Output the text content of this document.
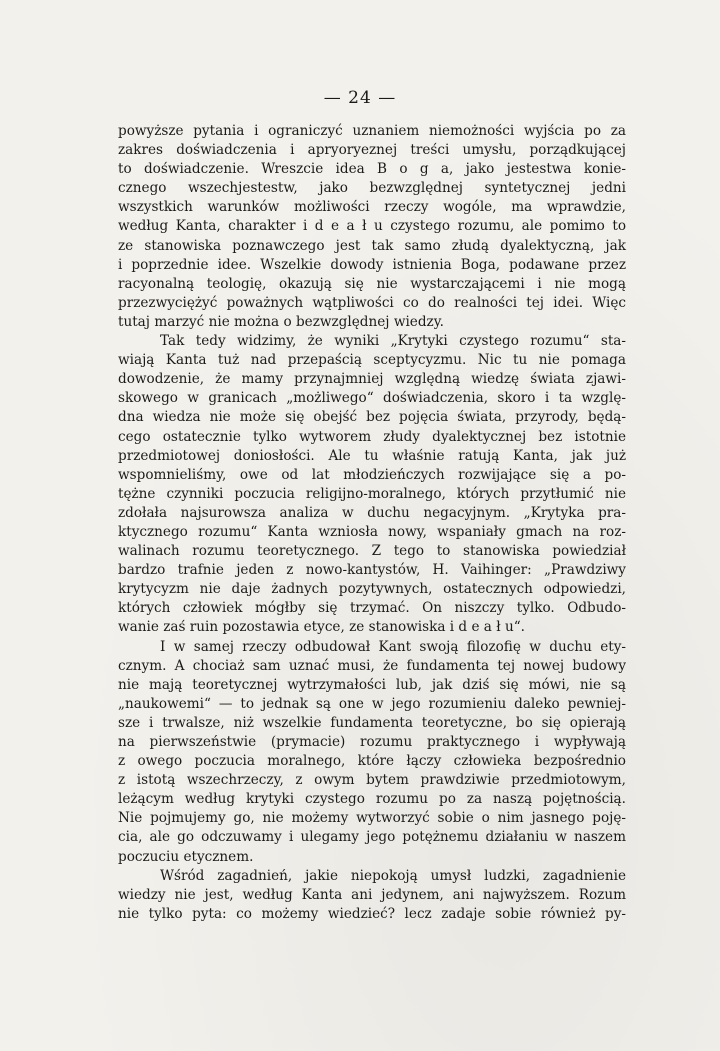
— 24 —
powyższe pytania i ograniczyć uznaniem niemożności wyjścia po za
zakres doświadczenia i apryoryeznej treści umysłu, porządkującej
to doświadczenie. Wreszcie idea B o g a, jako jestestwa konie-
cznego wszechjestestw, jako bezwzględnej syntetycznej jedni
wszystkich warunków możliwości rzeczy wogóle, ma wprawdzie,
według Kanta, charakter i d e a ł u czystego rozumu, ale pomimo to
ze stanowiska poznawczego jest tak samo złudą dyalektyczną, jak
i poprzednie idee. Wszelkie dowody istnienia Boga, podawane przez
racyonalną teologię, okazują się nie wystarczającemi i nie mogą
przezwyciężyć poważnych wątpliwości co do realności tej idei. Więc
tutaj marzyć nie można o bezwzględnej wiedzy.
Tak tedy widzimy, że wyniki „Krytyki czystego rozumu“ sta-
wiają Kanta tuż nad przepaścią sceptycyzmu. Nic tu nie pomaga
dowodzenie, że mamy przynajmniej względną wiedzę świata zjawi-
skowego w granicach „możliwego“ doświadczenia, skoro i ta wzglę-
dna wiedza nie może się obejść bez pojęcia świata, przyrody, będą-
cego ostatecznie tylko wytworem złudy dyalektycznej bez istotnie
przedmiotowej doniosłości. Ale tu właśnie ratują Kanta, jak już
wspomnieliśmy, owe od lat młodzieńczych rozwijające się a po-
tężne czynniki poczucia religijno-moralnego, których przytłumić nie
zdołała najsurowsza analiza w duchu negacyjnym. „Krytyka pra-
ktycznego rozumu“ Kanta wzniosła nowy, wspaniały gmach na roz-
walinach rozumu teoretycznego. Z tego to stanowiska powiedział
bardzo trafnie jeden z nowo-kantystów, H. Vaihinger: „Prawdziwy
krytycyzm nie daje żadnych pozytywnych, ostatecznych odpowiedzi,
których człowiek mógłby się trzymać. On niszczy tylko. Odbudo-
wanie zaś ruin pozostawia etyce, ze stanowiska i d e a ł u“.
I w samej rzeczy odbudował Kant swoją filozofię w duchu ety-
cznym. A chociaż sam uznać musi, że fundamenta tej nowej budowy
nie mają teoretycznej wytrzymałości lub, jak dziś się mówi, nie są
„naukowemi“ — to jednak są one w jego rozumieniu daleko pewniej-
sze i trwalsze, niż wszelkie fundamenta teoretyczne, bo się opierają
na pierwszeństwie (prymacie) rozumu praktycznego i wypływają
z owego poczucia moralnego, które łączy człowieka bezpośrednio
z istotą wszechrzeczy, z owym bytem prawdziwie przedmiotowym,
leżącym według krytyki czystego rozumu po za naszą pojętnością.
Nie pojmujemy go, nie możemy wytworzyć sobie o nim jasnego poję-
cia, ale go odczuwamy i ulegamy jego potężnemu działaniu w naszem
poczuciu etycznem.
Wśród zagadnień, jakie niepokoją umysł ludzki, zagadnienie
wiedzy nie jest, według Kanta ani jedynem, ani najwyższem. Rozum
nie tylko pyta: co możemy wiedzieć? lecz zadaje sobie również py-
